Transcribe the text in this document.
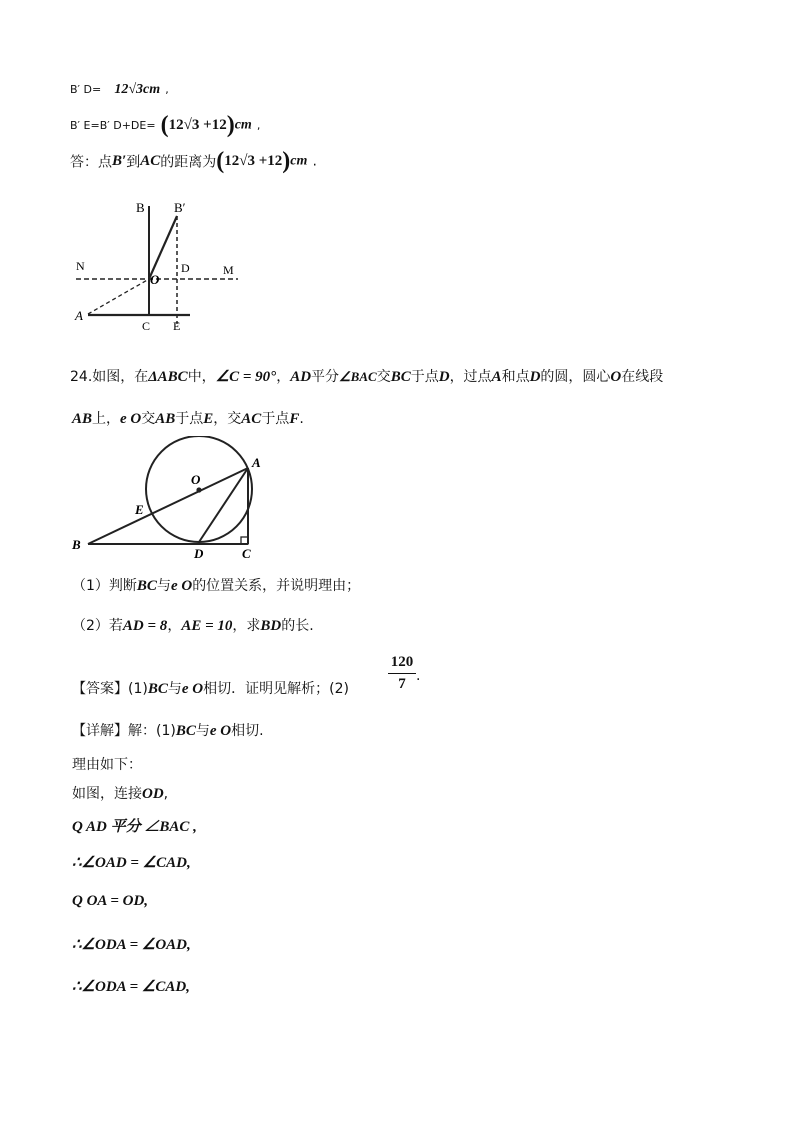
B′ D= 12√3cm ,
B′ E=B′ D+DE= (12√3 +12)cm ,
答：点B′到AC的距离为(12√3 +12)cm .
B B′
N
O
D	M
A
C E
24.如图，在ΔABC中，∠C = 90°，AD平分∠BAC交BC于点D，过点A和点D的圆，圆心O在线段
AB上，e O交AB于点E，交AC于点F.
O
A
E
B
D	C
（1）判断BC与e O的位置关系，并说明理由；
（2）若AD = 8，AE = 10，求BD的长.
【答案】(1)BC与e O相切．证明见解析；(2)
120
7 .
【详解】解：(1)BC与e O相切.
理由如下：
如图，连接OD,
Q AD 平分 ∠BAC ,
∴∠OAD = ∠CAD,
Q OA = OD,
∴∠ODA = ∠OAD,
∴∠ODA = ∠CAD,
